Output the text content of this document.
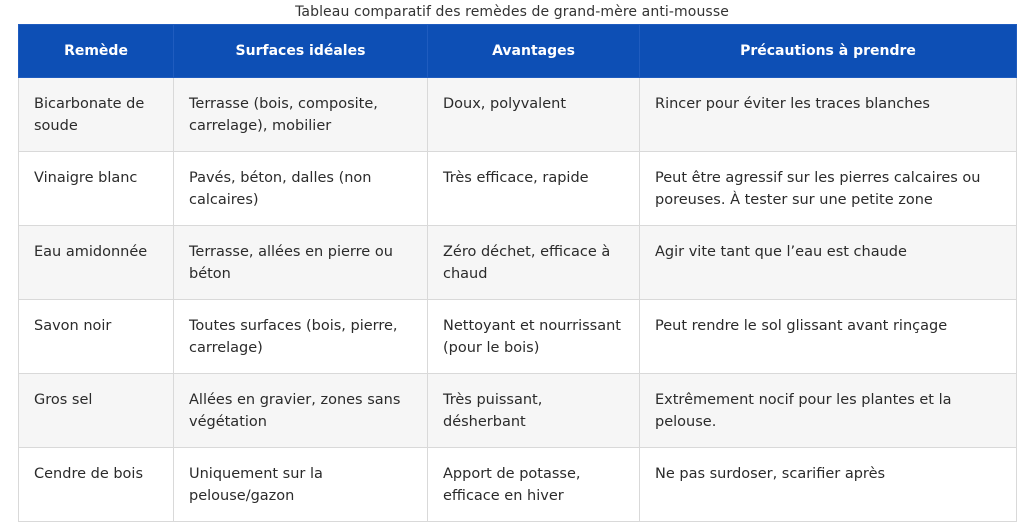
Tableau comparatif des remèdes de grand-mère anti-mousse
Remède	Surfaces idéales	Avantages	Précautions à prendre
Bicarbonate de soude	Terrasse (bois, composite, carrelage), mobilier	Doux, polyvalent	Rincer pour éviter les traces blanches
Vinaigre blanc	Pavés, béton, dalles (non calcaires)	Très efficace, rapide	Peut être agressif sur les pierres calcaires ou poreuses. À tester sur une petite zone
Eau amidonnée	Terrasse, allées en pierre ou béton	Zéro déchet, efficace à chaud	Agir vite tant que l’eau est chaude
Savon noir	Toutes surfaces (bois, pierre, carrelage)	Nettoyant et nourrissant (pour le bois)	Peut rendre le sol glissant avant rinçage
Gros sel	Allées en gravier, zones sans végétation	Très puissant, désherbant	Extrêmement nocif pour les plantes et la pelouse.
Cendre de bois	Uniquement sur la pelouse/gazon	Apport de potasse, efficace en hiver	Ne pas surdoser, scarifier après
